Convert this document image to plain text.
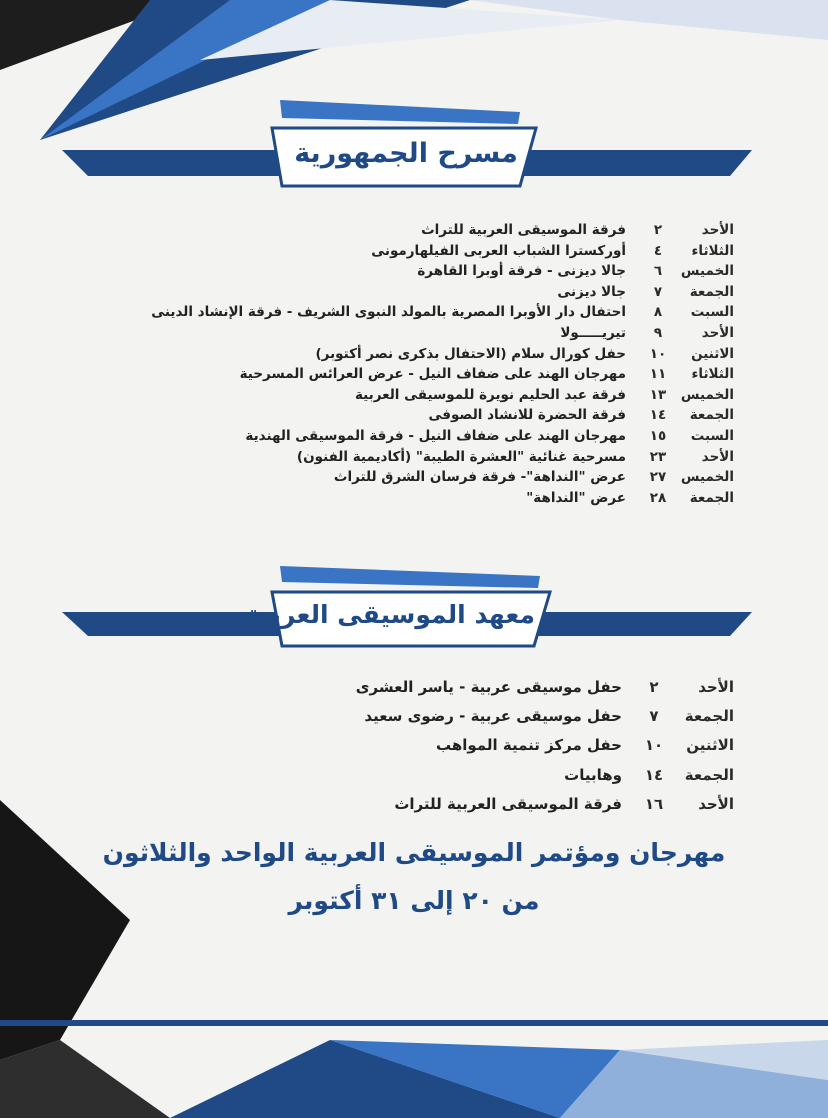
مسرح الجمهورية
الأحد
٢
فرقة الموسيقى العربية للتراث
الثلاثاء
٤
أوركسترا الشباب العربى الفيلهارمونى
الخميس
٦
جالا ديزنى - فرقة أوبرا القاهرة
الجمعة
٧
جالا ديزنى
السبت
٨
احتفال دار الأوبرا المصرية بالمولد النبوى الشريف - فرقة الإنشاد الدينى
الأحد
٩
تيريـــــولا
الاثنين
١٠
حفل كورال سلام (الاحتفال بذكرى نصر أكتوبر)
الثلاثاء
١١
مهرجان الهند على ضفاف النيل - عرض العرائس المسرحية
الخميس
١٣
فرقة عبد الحليم نويرة للموسيقى العربية
الجمعة
١٤
فرقة الحضرة للانشاد الصوفى
السبت
١٥
مهرجان الهند على ضفاف النيل - فرقة الموسيقى الهندية
الأحد
٢٣
مسرحية غنائية "العشرة الطيبة" (أكاديمية الفنون)
الخميس
٢٧
عرض "النداهة"- فرقة فرسان الشرق للتراث
الجمعة
٢٨
عرض "النداهة"
معهد الموسيقى العربية
الأحد
٢
حفل موسيقى عربية - ياسر العشرى
الجمعة
٧
حفل موسيقى عربية - رضوى سعيد
الاثنين
١٠
حفل مركز تنمية المواهب
الجمعة
١٤
وهابيات
الأحد
١٦
فرقة الموسيقى العربية للتراث
مهرجان ومؤتمر الموسيقى العربية الواحد والثلاثون
من ٢٠ إلى ٣١ أكتوبر
